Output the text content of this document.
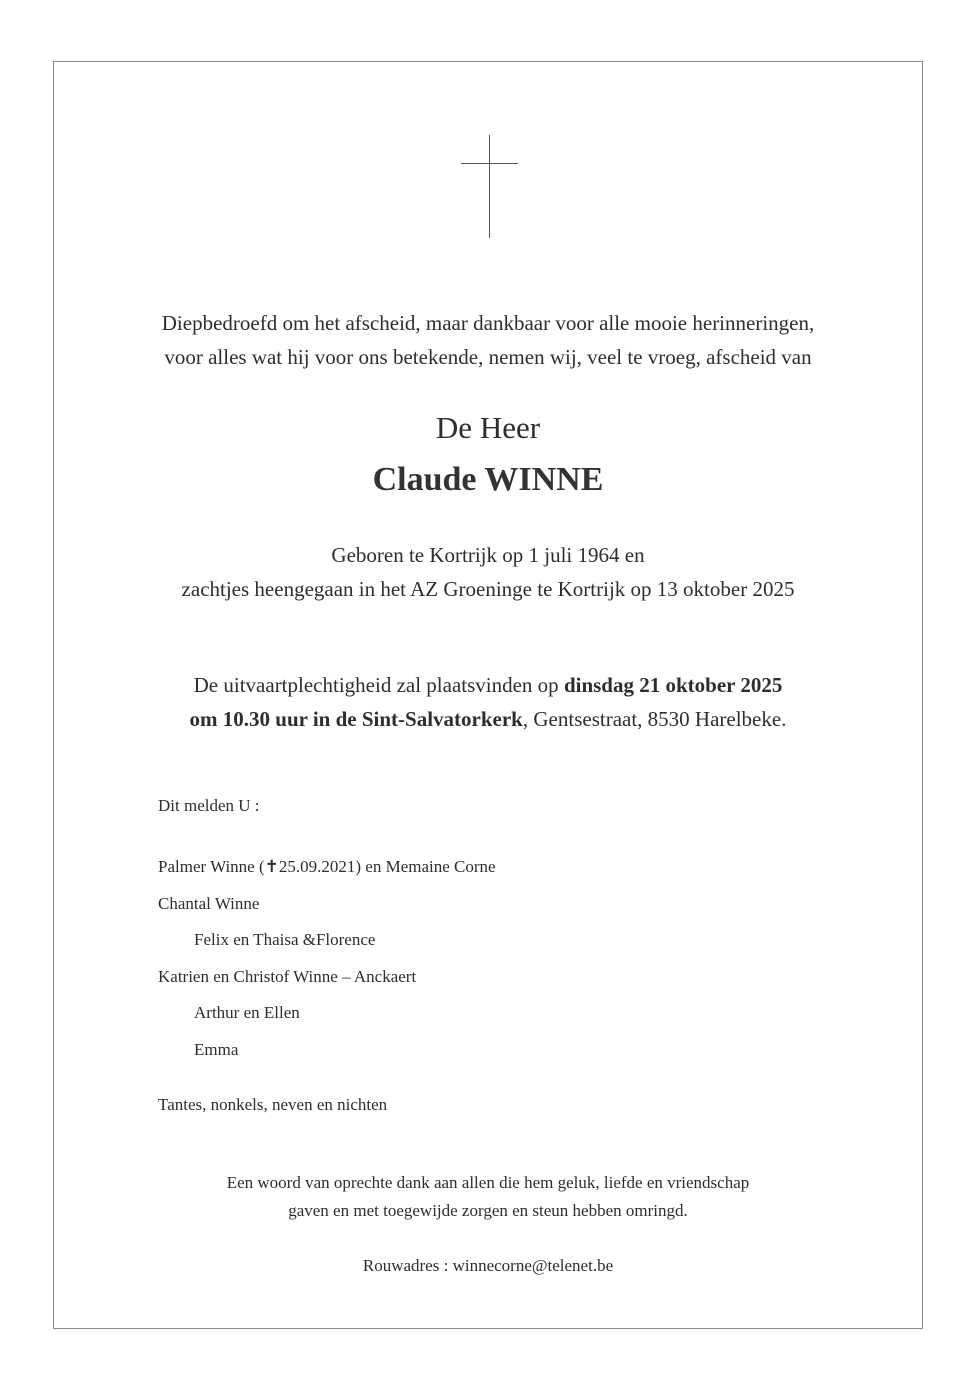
Diepbedroefd om het afscheid, maar dankbaar voor alle mooie herinneringen,
voor alles wat hij voor ons betekende, nemen wij, veel te vroeg, afscheid van
De Heer
Claude WINNE
Geboren te Kortrijk op 1 juli 1964 en
zachtjes heengegaan in het AZ Groeninge te Kortrijk op 13 oktober 2025
De uitvaartplechtigheid zal plaatsvinden op dinsdag 21 oktober 2025
om 10.30 uur in de Sint-Salvatorkerk, Gentsestraat, 8530 Harelbeke.
Dit melden U :
Palmer Winne (✝25.09.2021) en Memaine Corne
Chantal Winne
Felix en Thaisa &Florence
Katrien en Christof Winne – Anckaert
Arthur en Ellen
Emma
Tantes, nonkels, neven en nichten
Een woord van oprechte dank aan allen die hem geluk, liefde en vriendschap
gaven en met toegewijde zorgen en steun hebben omringd.
Rouwadres : winnecorne@telenet.be
